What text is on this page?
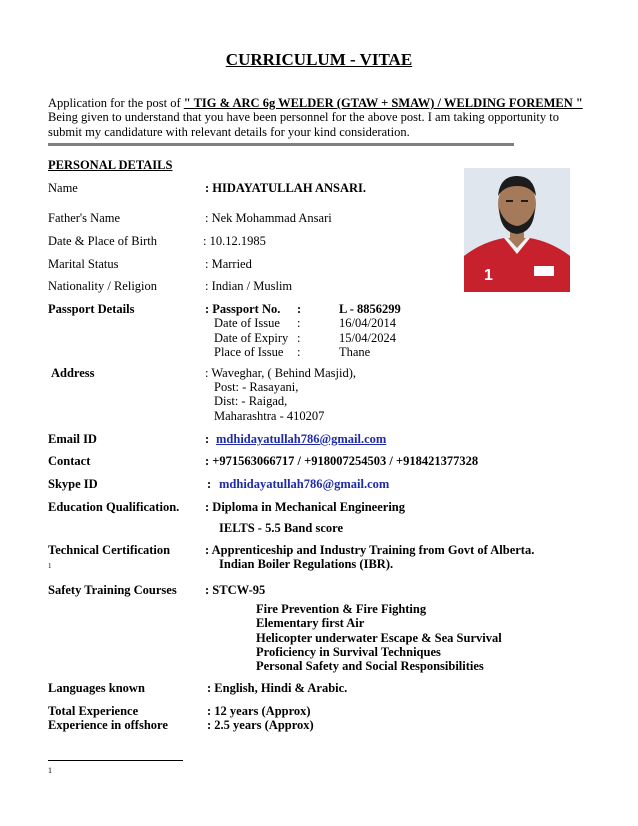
CURRICULUM - VITAE
Application for the post of " TIG & ARC 6g WELDER (GTAW + SMAW) / WELDING FOREMEN "
Being given to understand that you have been personnel for the above post. I am taking opportunity to
submit my candidature with relevant details for your kind consideration.
PERSONAL DETAILS
1
Name	: HIDAYATULLAH ANSARI.
Father's Name	: Nek Mohammad Ansari
Date & Place of Birth	: 10.12.1985
Marital Status	: Married
Nationality / Religion	: Indian / Muslim
Passport Details	: Passport No. :	L - 8856299
Date of Issue :	16/04/2014
Date of Expiry :	15/04/2024
Place of Issue :	Thane
Address	: Waveghar, ( Behind Masjid),
Post: - Rasayani,
Dist: - Raigad,
Maharashtra - 410207
Email ID	: mdhidayatullah786@gmail.com
Contact	: +971563066717 / +918007254503 / +918421377328
Skype ID	: mdhidayatullah786@gmail.com
Education Qualification. : Diploma in Mechanical Engineering
IELTS - 5.5 Band score
Technical Certification
1
: Apprenticeship and Industry Training from Govt of Alberta.
Indian Boiler Regulations (IBR).
Safety Training Courses : STCW-95
Fire Prevention & Fire Fighting
Elementary first Air
Helicopter underwater Escape & Sea Survival
Proficiency in Survival Techniques
Personal Safety and Social Responsibilities
Languages known	: English, Hindi & Arabic.
Total Experience	: 12 years (Approx)
Experience in offshore	: 2.5 years (Approx)
1
